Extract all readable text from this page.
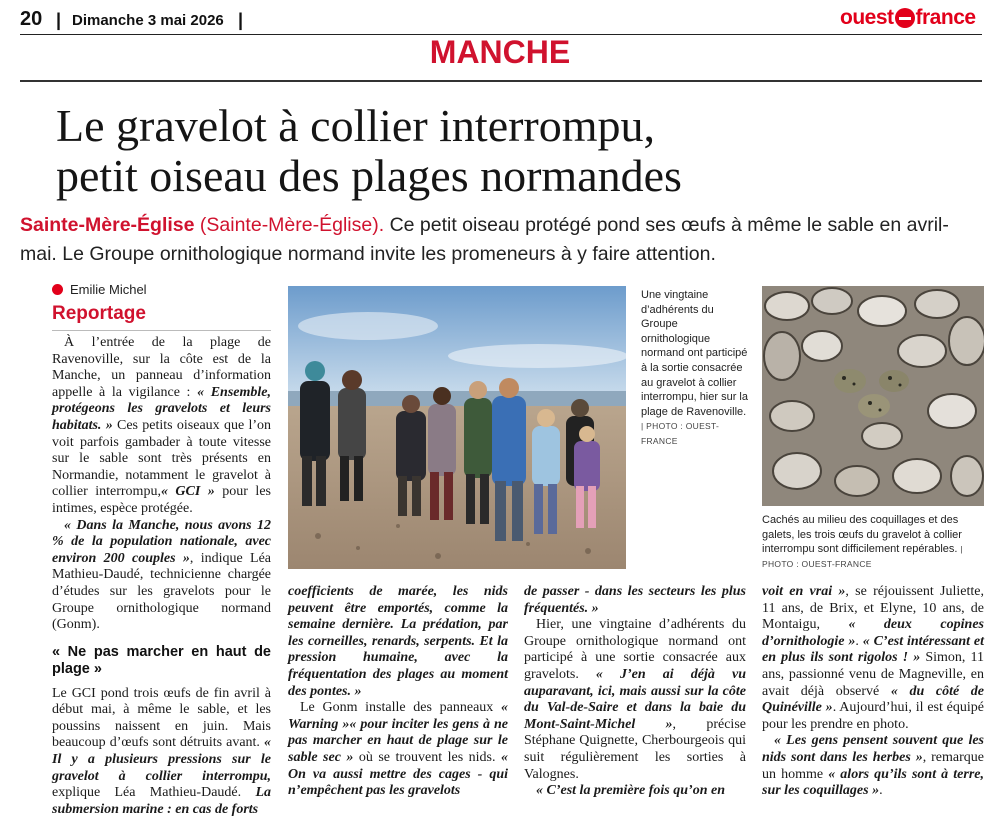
20 | Dimanche 3 mai 2026 |	ouest france
MANCHE
Le gravelot à collier interrompu,
petit oiseau des plages normandes
Sainte-Mère-Église (Sainte-Mère-Église). Ce petit oiseau protégé pond ses œufs à même le sable en avril-mai. Le Groupe ornithologique normand invite les promeneurs à y faire attention.
Emilie Michel
Reportage

À l’entrée de la plage de Ravenoville, sur la côte est de la Manche, un panneau d’information appelle à la vigilance : « Ensemble, protégeons les gravelots et leurs habitats. » Ces petits oiseaux que l’on voit parfois gambader à toute vitesse sur le sable sont très présents en Normandie, notamment le gravelot à collier interrompu,« GCI » pour les intimes, espèce protégée.

« Dans la Manche, nous avons 12 % de la population nationale, avec environ 200 couples », indique Léa Mathieu-Daudé, technicienne chargée d’études sur les gravelots pour le Groupe ornithologique normand (Gonm).

« Ne pas marcher en haut de plage »

Le GCI pond trois œufs de fin avril à début mai, à même le sable, et les poussins naissent en juin. Mais beaucoup d’œufs sont détruits avant. « Il y a plusieurs pressions sur le gravelot à collier interrompu, explique Léa Mathieu-Daudé. La submersion marine : en cas de forts

Une vingtaine d’adhérents du Groupe ornithologique normand ont participé à la sortie consacrée au gravelot à collier interrompu, hier sur la plage de Ravenoville. | PHOTO : OUEST-FRANCE
Cachés au milieu des coquillages et des galets, les trois œufs du gravelot à collier interrompu sont difficilement repérables. | PHOTO : OUEST-FRANCE

coefficients de marée, les nids peuvent être emportés, comme la semaine dernière. La prédation, par les corneilles, renards, serpents. Et la pression humaine, avec la fréquentation des plages au moment des pontes. »

Le Gonm installe des panneaux « Warning »« pour inciter les gens à ne pas marcher en haut de plage sur le sable sec » où se trouvent les nids. « On va aussi mettre des cages - qui n’empêchent pas les gravelots

de passer - dans les secteurs les plus fréquentés. »

Hier, une vingtaine d’adhérents du Groupe ornithologique normand ont participé à une sortie consacrée aux gravelots. « J’en ai déjà vu auparavant, ici, mais aussi sur la côte du Val-de-Saire et dans la baie du Mont-Saint-Michel », précise Stéphane Quignette, Cherbourgeois qui suit régulièrement les sorties à Valognes.

« C’est la première fois qu’on en

voit en vrai », se réjouissent Juliette, 11 ans, de Brix, et Elyne, 10 ans, de Montaigu, « deux copines d’ornithologie ». « C’est intéressant et en plus ils sont rigolos ! » Simon, 11 ans, passionné venu de Magneville, en avait déjà observé « du côté de Quinéville ». Aujourd’hui, il est équipé pour les prendre en photo.

« Les gens pensent souvent que les nids sont dans les herbes », remarque un homme « alors qu’ils sont à terre, sur les coquillages ».
